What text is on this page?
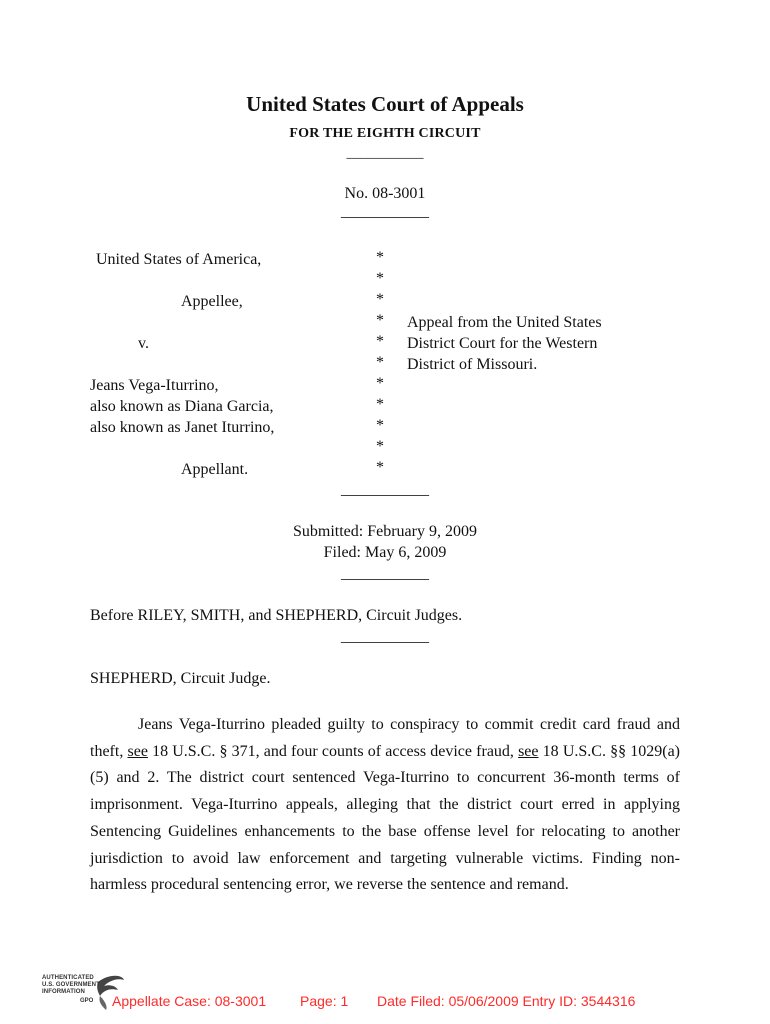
United States Court of Appeals
FOR THE EIGHTH CIRCUIT
___________
No. 08-3001
___________
United States of America,
Appellee,
v.
Jeans Vega-Iturrino,
also known as Diana Garcia,
also known as Janet Iturrino,
Appellant.
*
*
*
*
*
*
*
*
*
*
*
Appeal from the United States
District Court for the Western
District of Missouri.
___________
Submitted: February 9, 2009
Filed: May 6, 2009
___________
Before RILEY, SMITH, and SHEPHERD, Circuit Judges.
___________
SHEPHERD, Circuit Judge.

Jeans Vega-Iturrino pleaded guilty to conspiracy to commit credit card fraud and theft, see 18 U.S.C. § 371, and four counts of access device fraud, see 18 U.S.C. §§ 1029(a)(5) and 2. The district court sentenced Vega-Iturrino to concurrent 36-month terms of imprisonment. Vega-Iturrino appeals, alleging that the district court erred in applying Sentencing Guidelines enhancements to the base offense level for relocating to another jurisdiction to avoid law enforcement and targeting vulnerable victims. Finding non-harmless procedural sentencing error, we reverse the sentence and remand.

AUTHENTICATED
U.S. GOVERNMENT
INFORMATION
GPO Appellate Case: 08-3001 Page: 1 Date Filed: 05/06/2009 Entry ID: 3544316
